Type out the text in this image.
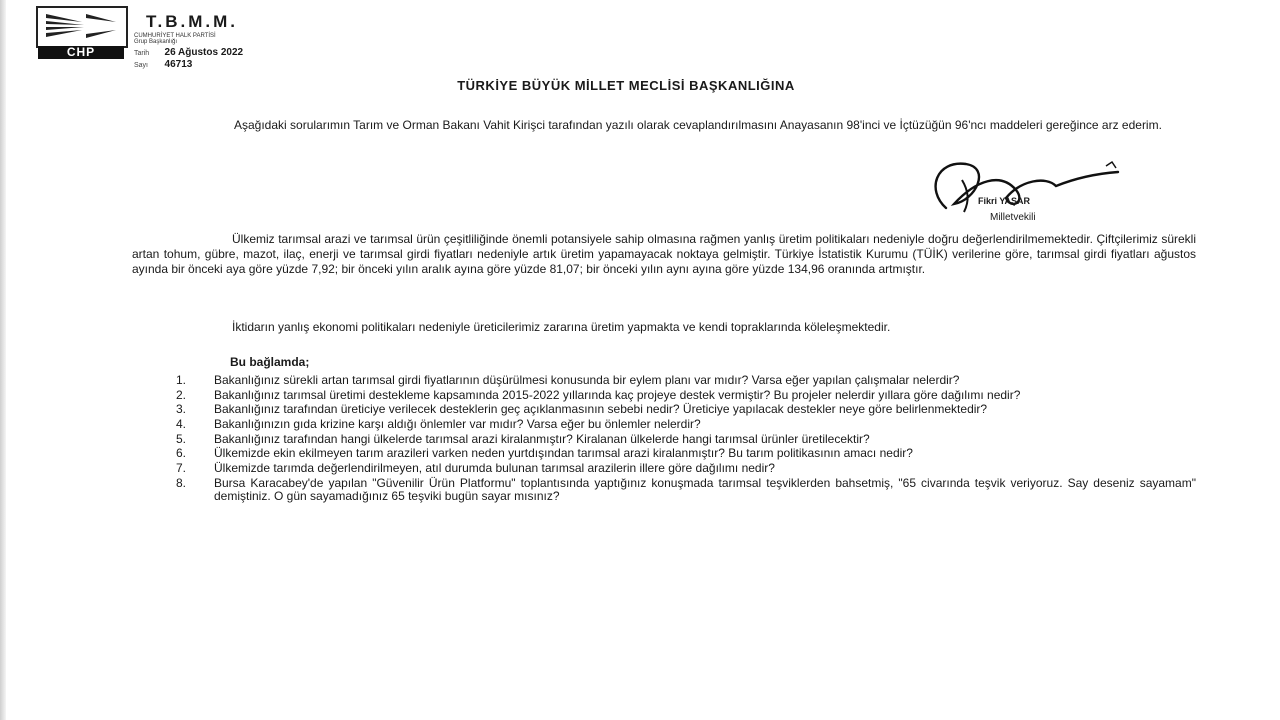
CHP
T.B.M.M.
CUMHURİYET HALK PARTİSİ
Grup Başkanlığı
Tarih 26 Ağustos 2022
Sayı 46713
TÜRKİYE BÜYÜK MİLLET MECLİSİ BAŞKANLIĞINA
Aşağıdaki sorularımın Tarım ve Orman Bakanı Vahit Kirişci tarafından yazılı olarak cevaplandırılmasını Anayasanın 98'inci ve İçtüzüğün 96'ncı maddeleri gereğince arz ederim.
Fikri YAŞAR
Milletvekili
Ülkemiz tarımsal arazi ve tarımsal ürün çeşitliliğinde önemli potansiyele sahip olmasına rağmen yanlış üretim politikaları nedeniyle doğru değerlendirilmemektedir. Çiftçilerimiz sürekli artan tohum, gübre, mazot, ilaç, enerji ve tarımsal girdi fiyatları nedeniyle artık üretim yapamayacak noktaya gelmiştir. Türkiye İstatistik Kurumu (TÜİK) verilerine göre, tarımsal girdi fiyatları ağustos ayında bir önceki aya göre yüzde 7,92; bir önceki yılın aralık ayına göre yüzde 81,07; bir önceki yılın aynı ayına göre yüzde 134,96 oranında artmıştır.
İktidarın yanlış ekonomi politikaları nedeniyle üreticilerimiz zararına üretim yapmakta ve kendi topraklarında köleleşmektedir.
Bu bağlamda;
1.	Bakanlığınız sürekli artan tarımsal girdi fiyatlarının düşürülmesi konusunda bir eylem planı var mıdır? Varsa eğer yapılan çalışmalar nelerdir?
2.	Bakanlığınız tarımsal üretimi destekleme kapsamında 2015-2022 yıllarında kaç projeye destek vermiştir? Bu projeler nelerdir yıllara göre dağılımı nedir?
3.	Bakanlığınız tarafından üreticiye verilecek desteklerin geç açıklanmasının sebebi nedir? Üreticiye yapılacak destekler neye göre belirlenmektedir?
4.	Bakanlığınızın gıda krizine karşı aldığı önlemler var mıdır? Varsa eğer bu önlemler nelerdir?
5.	Bakanlığınız tarafından hangi ülkelerde tarımsal arazi kiralanmıştır? Kiralanan ülkelerde hangi tarımsal ürünler üretilecektir?
6.	Ülkemizde ekin ekilmeyen tarım arazileri varken neden yurtdışından tarımsal arazi kiralanmıştır? Bu tarım politikasının amacı nedir?
7.	Ülkemizde tarımda değerlendirilmeyen, atıl durumda bulunan tarımsal arazilerin illere göre dağılımı nedir?
8.	Bursa Karacabey'de yapılan "Güvenilir Ürün Platformu" toplantısında yaptığınız konuşmada tarımsal teşviklerden bahsetmiş, "65 civarında teşvik veriyoruz. Say deseniz sayamam" demiştiniz. O gün sayamadığınız 65 teşviki bugün sayar mısınız?
